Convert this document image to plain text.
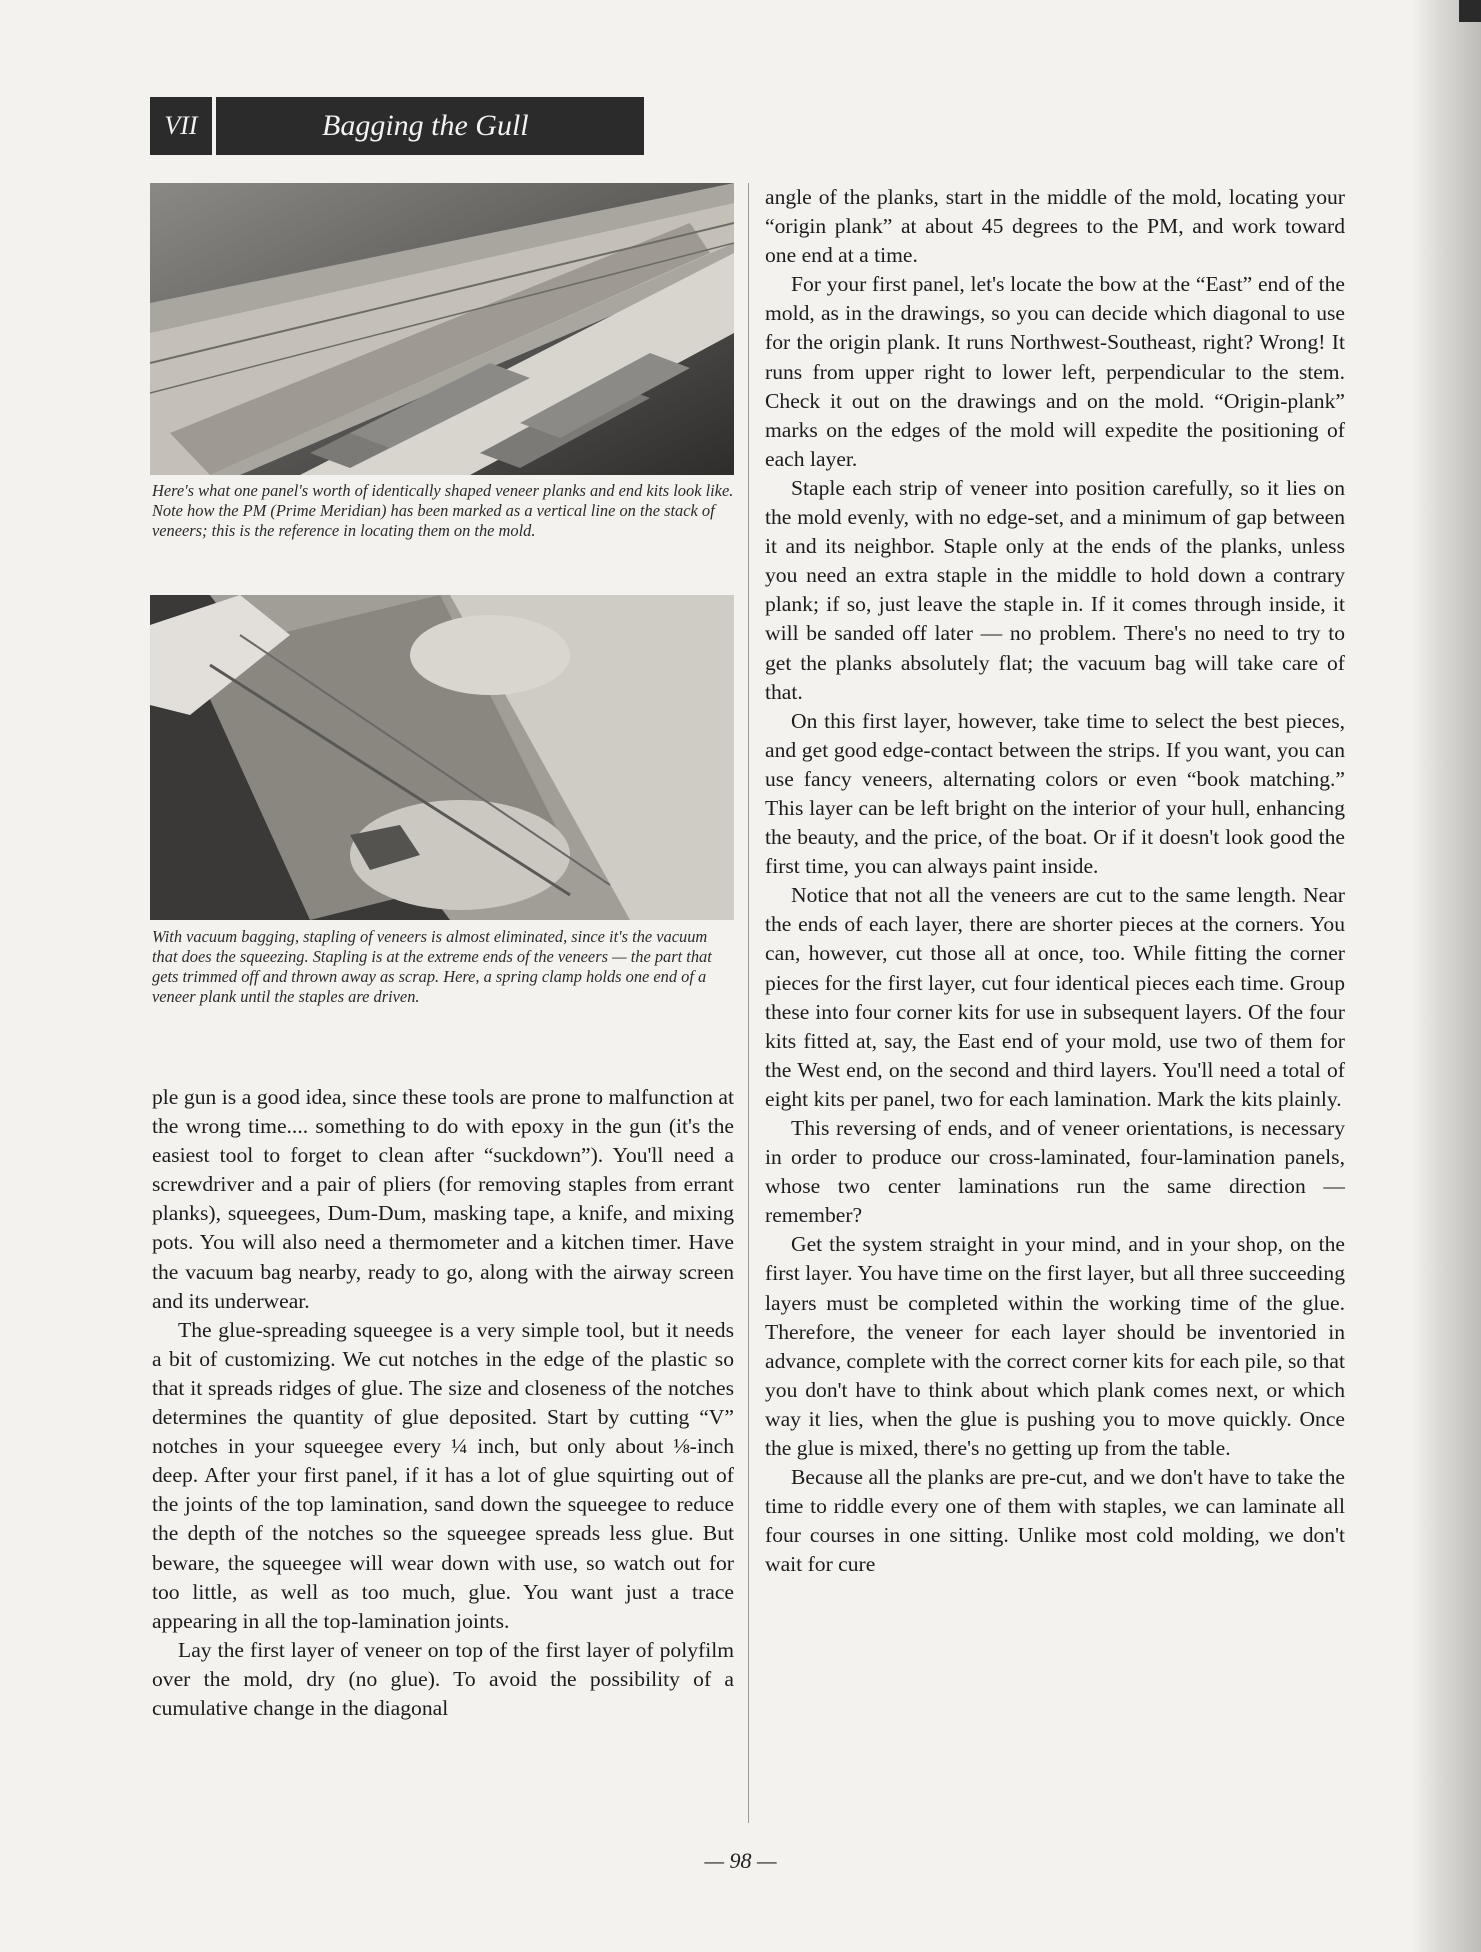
VII	Bagging the Gull

Here's what one panel's worth of identically shaped veneer planks and end kits look like. Note how the PM (Prime Meridian) has been marked as a vertical line on the stack of veneers; this is the reference in locating them on the mold.

With vacuum bagging, stapling of veneers is almost eliminated, since it's the vacuum that does the squeezing. Stapling is at the extreme ends of the veneers — the part that gets trimmed off and thrown away as scrap. Here, a spring clamp holds one end of a veneer plank until the staples are driven.

ple gun is a good idea, since these tools are prone to malfunction at the wrong time.... something to do with epoxy in the gun (it's the easiest tool to forget to clean after “suckdown”). You'll need a screwdriver and a pair of pliers (for removing staples from errant planks), squeegees, Dum-Dum, masking tape, a knife, and mixing pots. You will also need a thermometer and a kitchen timer. Have the vacuum bag nearby, ready to go, along with the airway screen and its underwear.

The glue-spreading squeegee is a very simple tool, but it needs a bit of customizing. We cut notches in the edge of the plastic so that it spreads ridges of glue. The size and closeness of the notches determines the quantity of glue deposited. Start by cutting “V” notches in your squeegee every ¼ inch, but only about ⅛-inch deep. After your first panel, if it has a lot of glue squirting out of the joints of the top lamination, sand down the squeegee to reduce the depth of the notches so the squeegee spreads less glue. But beware, the squeegee will wear down with use, so watch out for too little, as well as too much, glue. You want just a trace appearing in all the top-lamination joints.

Lay the first layer of veneer on top of the first layer of polyfilm over the mold, dry (no glue). To avoid the possibility of a cumulative change in the diagonal

angle of the planks, start in the middle of the mold, locating your “origin plank” at about 45 degrees to the PM, and work toward one end at a time.

For your first panel, let's locate the bow at the “East” end of the mold, as in the drawings, so you can decide which diagonal to use for the origin plank. It runs Northwest-Southeast, right? Wrong! It runs from upper right to lower left, perpendicular to the stem. Check it out on the drawings and on the mold. “Origin-plank” marks on the edges of the mold will expedite the positioning of each layer.

Staple each strip of veneer into position carefully, so it lies on the mold evenly, with no edge-set, and a minimum of gap between it and its neighbor. Staple only at the ends of the planks, unless you need an extra staple in the middle to hold down a contrary plank; if so, just leave the staple in. If it comes through inside, it will be sanded off later — no problem. There's no need to try to get the planks absolutely flat; the vacuum bag will take care of that.

On this first layer, however, take time to select the best pieces, and get good edge-contact between the strips. If you want, you can use fancy veneers, alternating colors or even “book matching.” This layer can be left bright on the interior of your hull, enhancing the beauty, and the price, of the boat. Or if it doesn't look good the first time, you can always paint inside.

Notice that not all the veneers are cut to the same length. Near the ends of each layer, there are shorter pieces at the corners. You can, however, cut those all at once, too. While fitting the corner pieces for the first layer, cut four identical pieces each time. Group these into four corner kits for use in subsequent layers. Of the four kits fitted at, say, the East end of your mold, use two of them for the West end, on the second and third layers. You'll need a total of eight kits per panel, two for each lamination. Mark the kits plainly.

This reversing of ends, and of veneer orientations, is necessary in order to produce our cross-laminated, four-lamination panels, whose two center laminations run the same direction — remember?

Get the system straight in your mind, and in your shop, on the first layer. You have time on the first layer, but all three succeeding layers must be completed within the working time of the glue. Therefore, the veneer for each layer should be inventoried in advance, complete with the correct corner kits for each pile, so that you don't have to think about which plank comes next, or which way it lies, when the glue is pushing you to move quickly. Once the glue is mixed, there's no getting up from the table.

Because all the planks are pre-cut, and we don't have to take the time to riddle every one of them with staples, we can laminate all four courses in one sitting. Unlike most cold molding, we don't wait for cure

— 98 —
